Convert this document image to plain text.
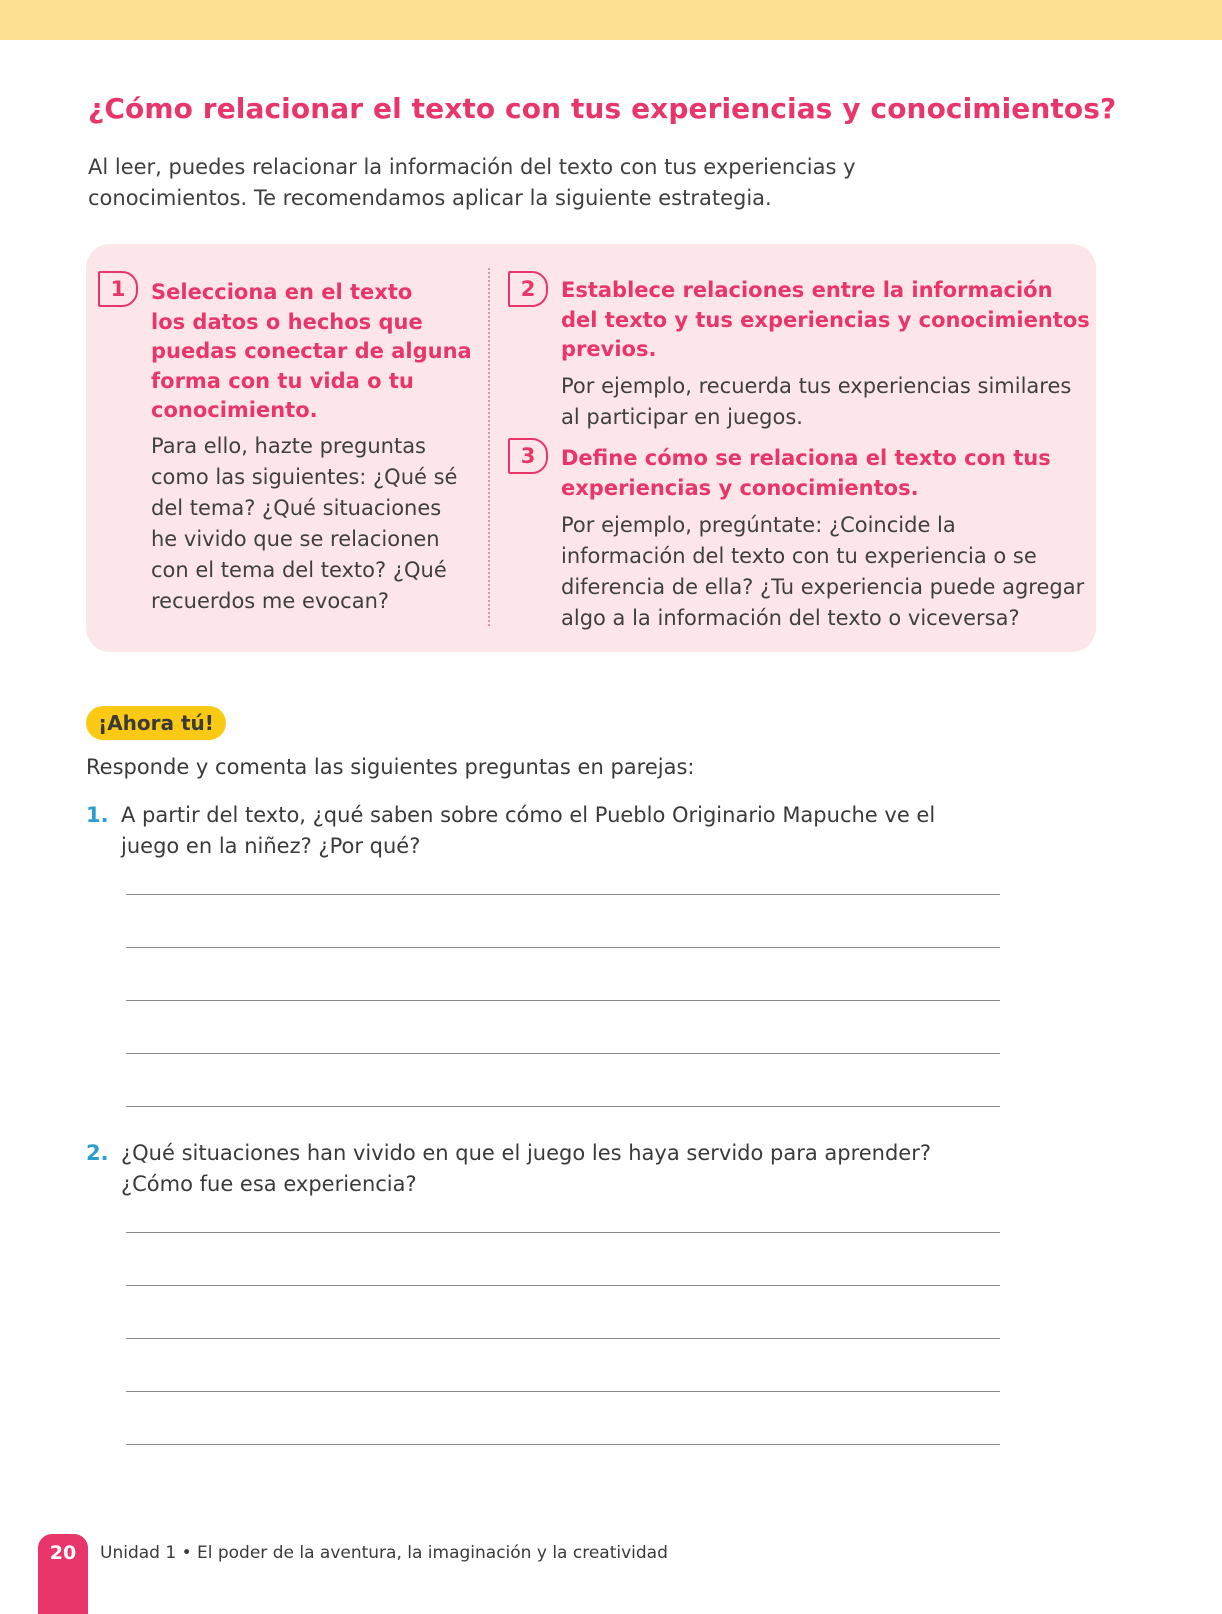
¿Cómo relacionar el texto con tus experiencias y conocimientos?

Al leer, puedes relacionar la información del texto con tus experiencias y conocimientos. Te recomendamos aplicar la siguiente estrategia.

1	Selecciona en el texto
los datos o hechos que
puedas conectar de alguna
forma con tu vida o tu
conocimiento.
Para ello, hazte preguntas
como las siguientes: ¿Qué sé
del tema? ¿Qué situaciones
he vivido que se relacionen
con el tema del texto? ¿Qué
recuerdos me evocan?
2	Establece relaciones entre la información
del texto y tus experiencias y conocimientos
previos.
Por ejemplo, recuerda tus experiencias similares
al participar en juegos.
3	Define cómo se relaciona el texto con tus
experiencias y conocimientos.
Por ejemplo, pregúntate: ¿Coincide la
información del texto con tu experiencia o se
diferencia de ella? ¿Tu experiencia puede agregar
algo a la información del texto o viceversa?
¡Ahora tú!

Responde y comenta las siguientes preguntas en parejas:

1. A partir del texto, ¿qué saben sobre cómo el Pueblo Originario Mapuche ve el
juego en la niñez? ¿Por qué?
2. ¿Qué situaciones han vivido en que el juego les haya servido para aprender?
¿Cómo fue esa experiencia?
20	Unidad 1 • El poder de la aventura, la imaginación y la creatividad
